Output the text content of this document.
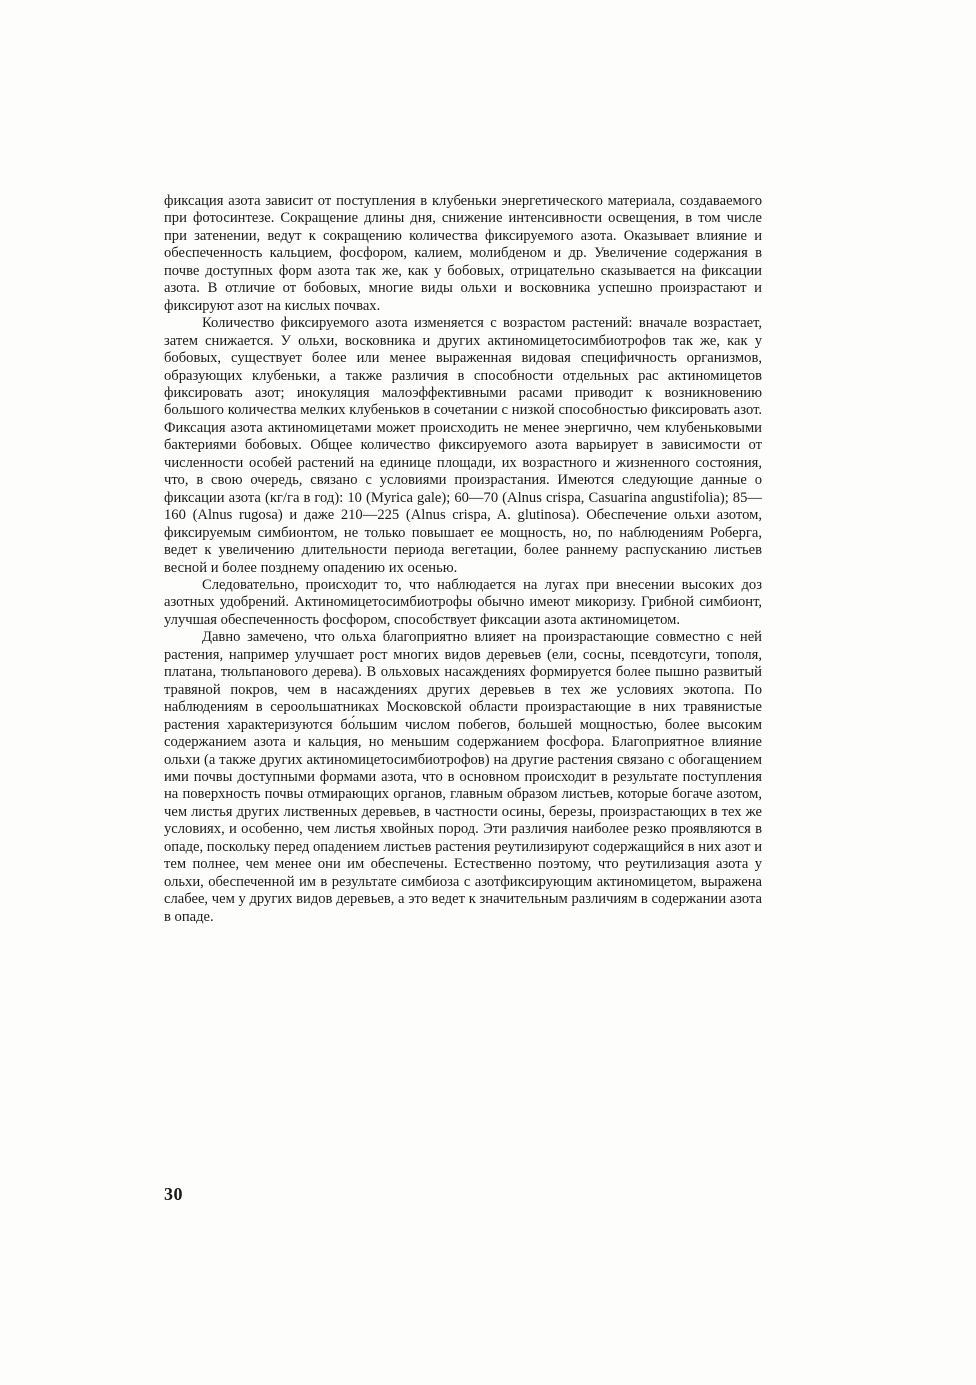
фиксация азота зависит от поступления в клубеньки энергетического материала, создаваемого при фотосинтезе. Сокращение длины дня, снижение интенсивности освещения, в том числе при затенении, ведут к сокращению количества фиксируемого азота. Оказывает влияние и обеспеченность кальцием, фосфором, калием, молибденом и др. Увеличение содержания в почве доступных форм азота так же, как у бобовых, отрицательно сказывается на фиксации азота. В отличие от бобовых, многие виды ольхи и восковника успешно произрастают и фиксируют азот на кислых почвах.

Количество фиксируемого азота изменяется с возрастом растений: вначале возрастает, затем снижается. У ольхи, восковника и других актиномицетосимбиотрофов так же, как у бобовых, существует более или менее выраженная видовая специфичность организмов, образующих клубеньки, а также различия в способности отдельных рас актиномицетов фиксировать азот; инокуляция малоэффективными расами приводит к возникновению большого количества мелких клубеньков в сочетании с низкой способностью фиксировать азот. Фиксация азота актиномицетами может происходить не менее энергично, чем клубеньковыми бактериями бобовых. Общее количество фиксируемого азота варьирует в зависимости от численности особей растений на единице площади, их возрастного и жизненного состояния, что, в свою очередь, связано с условиями произрастания. Имеются следующие данные о фиксации азота (кг/га в год): 10 (Myrica gale); 60—70 (Alnus crispa, Casuarina angustifolia); 85—160 (Alnus rugosa) и даже 210—225 (Alnus crispa, A. glutinosa). Обеспечение ольхи азотом, фиксируемым симбионтом, не только повышает ее мощность, но, по наблюдениям Роберга, ведет к увеличению длительности периода вегетации, более раннему распусканию листьев весной и более позднему опадению их осенью.

Следовательно, происходит то, что наблюдается на лугах при внесении высоких доз азотных удобрений. Актиномицетосимбиотрофы обычно имеют микоризу. Грибной симбионт, улучшая обеспеченность фосфором, способствует фиксации азота актиномицетом.

Давно замечено, что ольха благоприятно влияет на произрастающие совместно с ней растения, например улучшает рост многих видов деревьев (ели, сосны, псевдотсуги, тополя, платана, тюльпанового дерева). В ольховых насаждениях формируется более пышно развитый травяной покров, чем в насаждениях других деревьев в тех же условиях экотопа. По наблюдениям в сероольшатниках Московской области произрастающие в них травянистые растения характеризуются бо́льшим числом побегов, большей мощностью, более высоким содержанием азота и кальция, но меньшим содержанием фосфора. Благоприятное влияние ольхи (а также других актиномицетосимбиотрофов) на другие растения связано с обогащением ими почвы доступными формами азота, что в основном происходит в результате поступления на поверхность почвы отмирающих органов, главным образом листьев, которые богаче азотом, чем листья других лиственных деревьев, в частности осины, березы, произрастающих в тех же условиях, и особенно, чем листья хвойных пород. Эти различия наиболее резко проявляются в опаде, поскольку перед опадением листьев растения реутилизируют содержащийся в них азот и тем полнее, чем менее они им обеспечены. Естественно поэтому, что реутилизация азота у ольхи, обеспеченной им в результате симбиоза с азотфиксирующим актиномицетом, выражена слабее, чем у других видов деревьев, а это ведет к значительным различиям в содержании азота в опаде.

30
